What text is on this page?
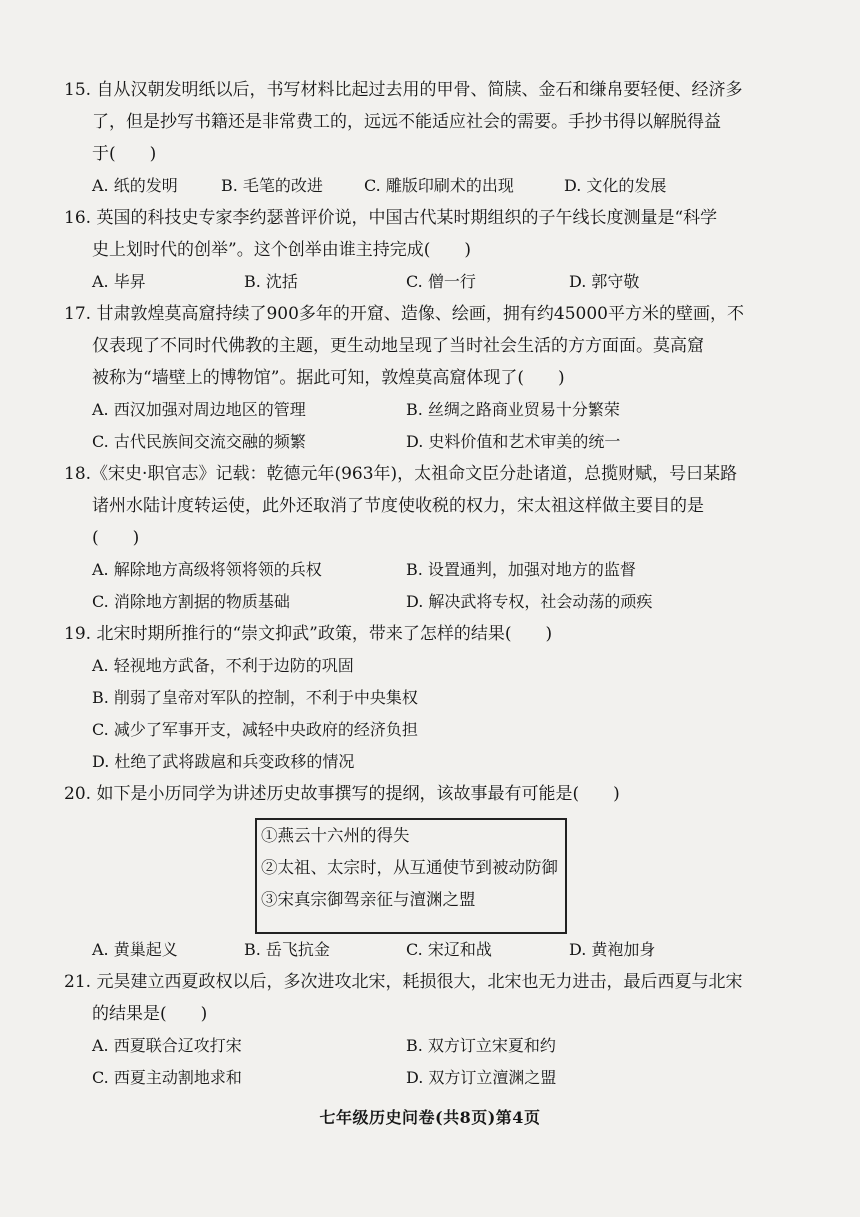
15. 自从汉朝发明纸以后，书写材料比起过去用的甲骨、简牍、金石和缣帛要轻便、经济多
了，但是抄写书籍还是非常费工的，远远不能适应社会的需要。手抄书得以解脱得益
于(　　)
A. 纸的发明	B. 毛笔的改进	C. 雕版印刷术的出现	D. 文化的发展
16. 英国的科技史专家李约瑟普评价说，中国古代某时期组织的子午线长度测量是“科学
史上划时代的创举”。这个创举由谁主持完成(　　)
A. 毕昇	B. 沈括	C. 僧一行	D. 郭守敬
17. 甘肃敦煌莫高窟持续了900多年的开窟、造像、绘画，拥有约45000平方米的壁画，不
仅表现了不同时代佛教的主题，更生动地呈现了当时社会生活的方方面面。莫高窟
被称为“墙壁上的博物馆”。据此可知，敦煌莫高窟体现了(　　)
A. 西汉加强对周边地区的管理	B. 丝绸之路商业贸易十分繁荣
C. 古代民族间交流交融的频繁	D. 史料价值和艺术审美的统一
18.《宋史·职官志》记载：乾德元年(963年)，太祖命文臣分赴诸道，总揽财赋，号曰某路
诸州水陆计度转运使，此外还取消了节度使收税的权力，宋太祖这样做主要目的是
(　　)
A. 解除地方高级将领将领的兵权	B. 设置通判，加强对地方的监督
C. 消除地方割据的物质基础	D. 解决武将专权，社会动荡的顽疾
19. 北宋时期所推行的“崇文抑武”政策，带来了怎样的结果(　　)
A. 轻视地方武备，不利于边防的巩固
B. 削弱了皇帝对军队的控制，不利于中央集权
C. 减少了军事开支，减轻中央政府的经济负担
D. 杜绝了武将跋扈和兵变政移的情况
20. 如下是小历同学为讲述历史故事撰写的提纲，该故事最有可能是(　　)
①燕云十六州的得失
②太祖、太宗时，从互通使节到被动防御
③宋真宗御驾亲征与澶渊之盟
A. 黄巢起义	B. 岳飞抗金	C. 宋辽和战	D. 黄袍加身
21. 元昊建立西夏政权以后，多次进攻北宋，耗损很大，北宋也无力进击，最后西夏与北宋
的结果是(　　)
A. 西夏联合辽攻打宋	B. 双方订立宋夏和约
C. 西夏主动割地求和	D. 双方订立澶渊之盟
七年级历史问卷(共8页)第4页
